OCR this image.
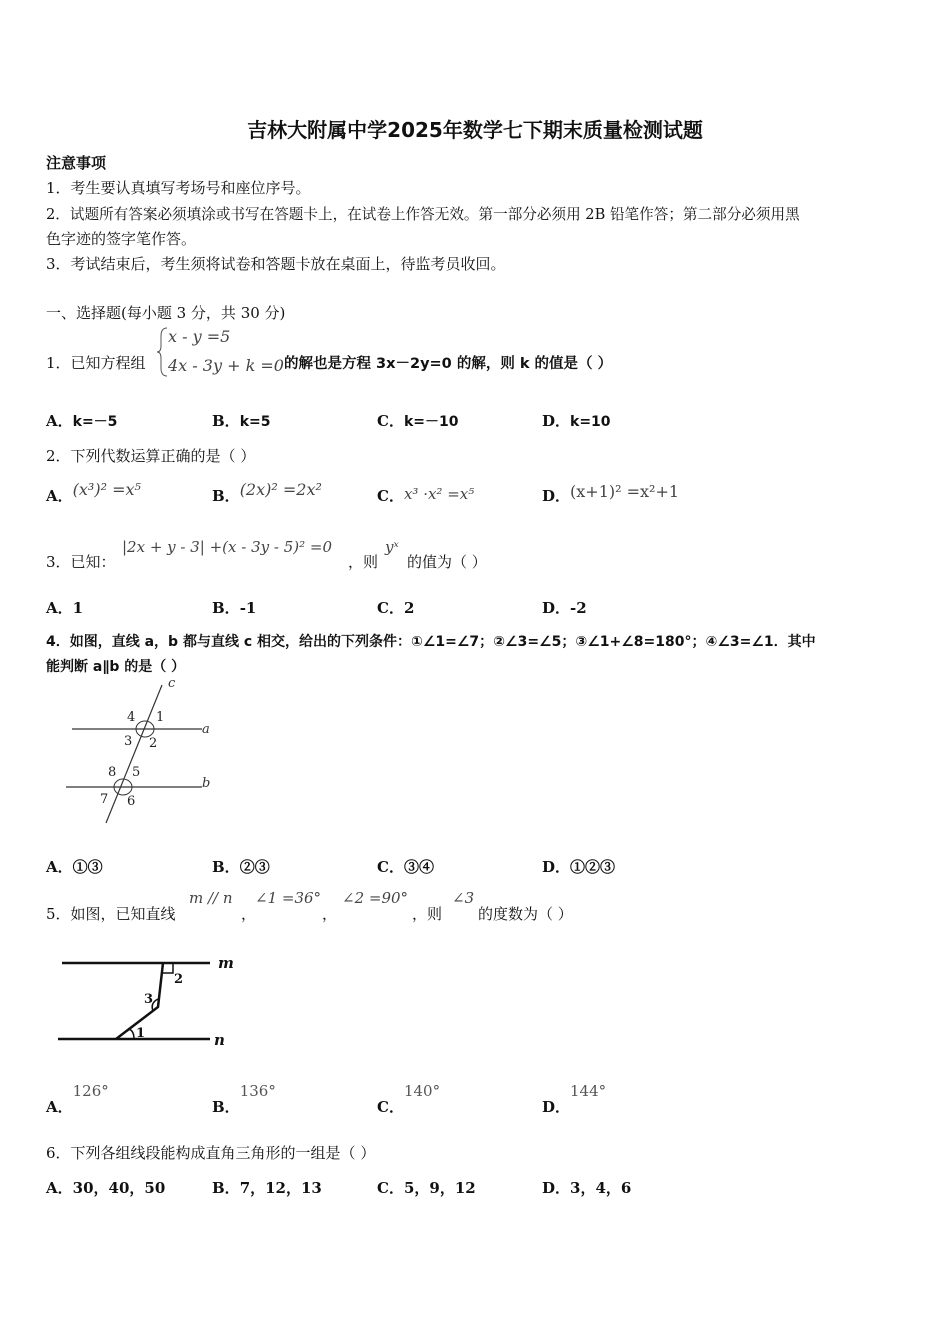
吉林大附属中学2025年数学七下期末质量检测试题
注意事项
1．考生要认真填写考场号和座位序号。
2．试题所有答案必须填涂或书写在答题卡上，在试卷上作答无效。第一部分必须用 2B 铅笔作答；第二部分必须用黑
色字迹的签字笔作答。
3．考试结束后，考生须将试卷和答题卡放在桌面上，待监考员收回。
一、选择题(每小题 3 分，共 30 分)
1．已知方程组
x - y =5
4x - 3y + k =0 的解也是方程 3x－2y=0 的解，则 k 的值是（ ）
A．k=－5	B．k=5	C．k=－10	D．k=10
2．下列代数运算正确的是（ ）
A．(x³)² =x⁵	B．(2x)² =2x²	C．x³ ·x² =x⁵	D．(x+1)² =x²+1
3．已知：
|2x + y - 3| +(x - 3y - 5)² =0
，则
yˣ
的值为（ ）
A．1	B．-1	C．2	D．-2
4．如图，直线 a，b 都与直线 c 相交，给出的下列条件：①∠1=∠7；②∠3=∠5；③∠1+∠8=180°；④∠3=∠1．其中
能判断 a∥b 的是（ ）
c
a
b
4 1
3 2
8 5
7 6
A．①③	B．②③	C．③④	D．①②③
5．如图，已知直线
m // n
，
∠1 =36°
，
∠2 =90°
，则
∠3
的度数为（ ）
m
n
2
3
1
A．126°
B．136°
C．140°
D．144°
6．下列各组线段能构成直角三角形的一组是（ ）
A．30，40，50	B．7，12，13	C．5，9，12	D．3，4，6
